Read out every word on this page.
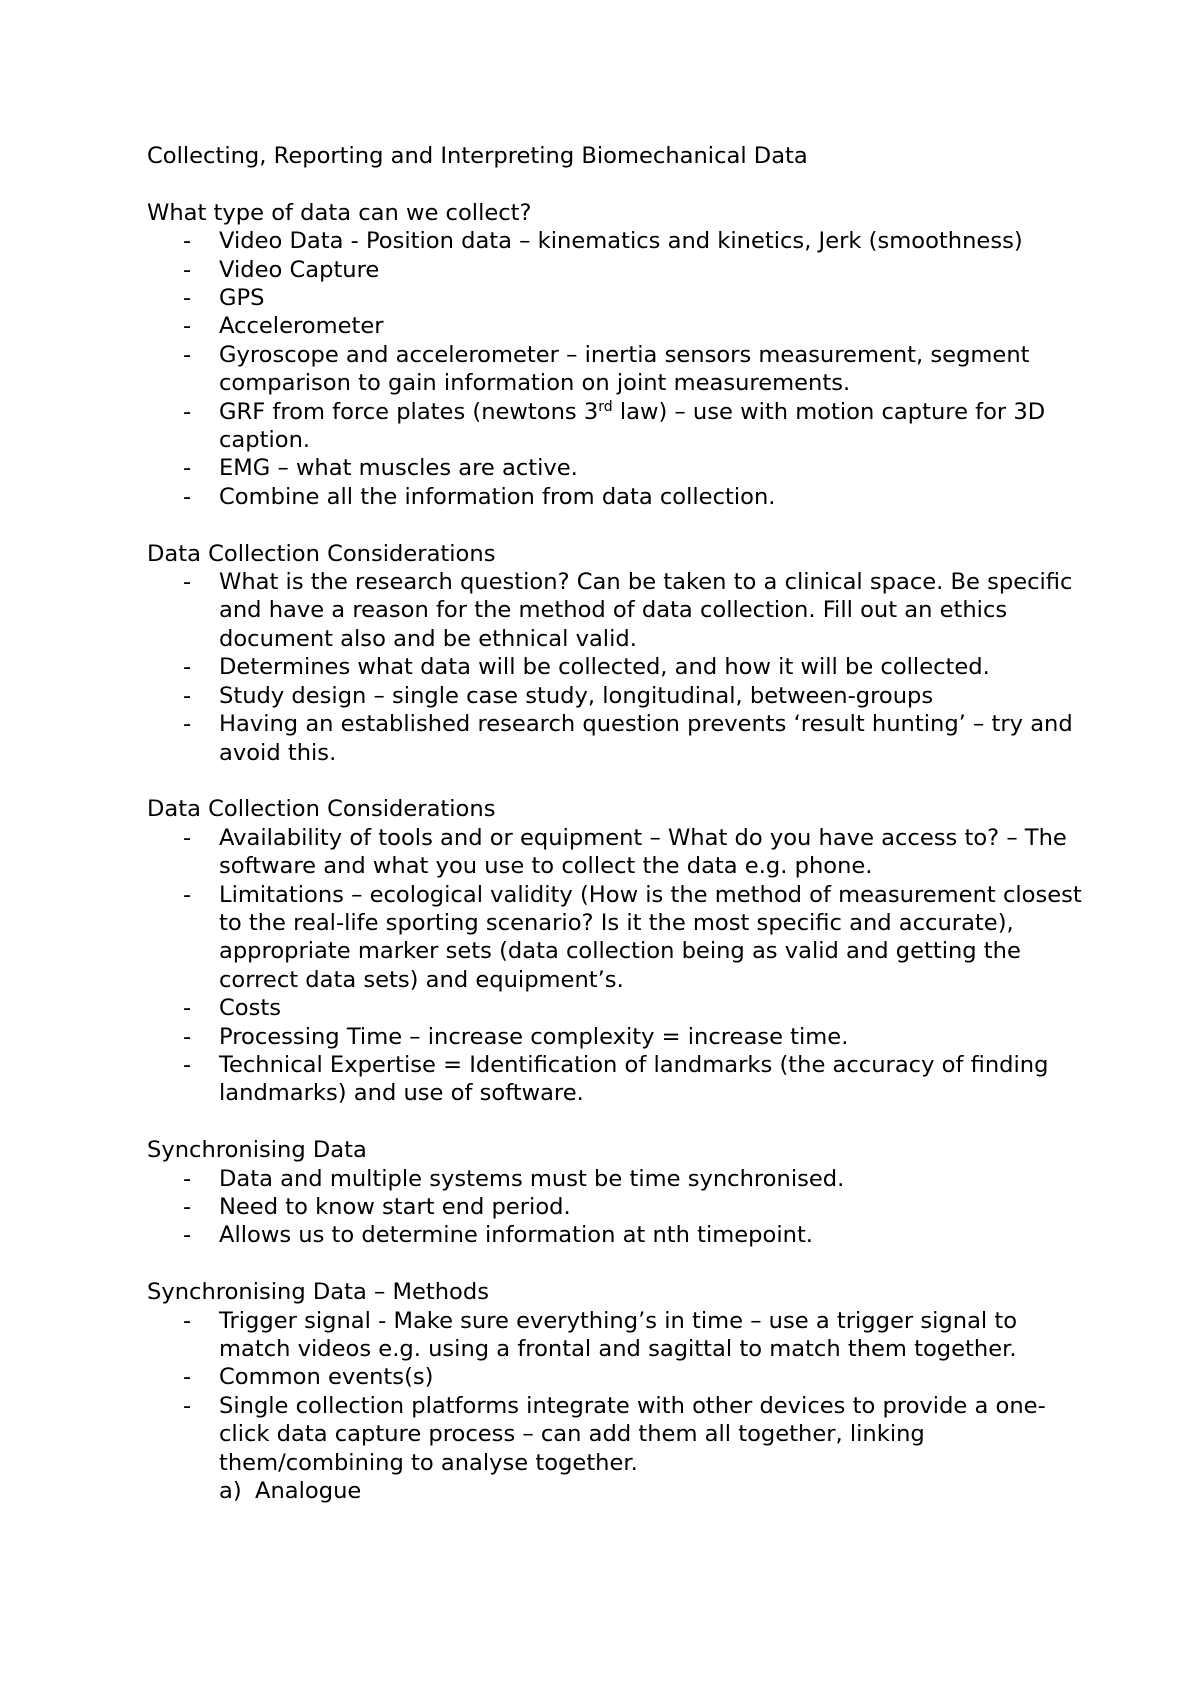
Collecting, Reporting and Interpreting Biomechanical Data

What type of data can we collect?

- Video Data - Position data – kinematics and kinetics, Jerk (smoothness)
- Video Capture
- GPS
- Accelerometer
- Gyroscope and accelerometer – inertia sensors measurement, segment comparison to gain information on joint measurements.
- GRF from force plates (newtons 3rd law) – use with motion capture for 3D caption.
- EMG – what muscles are active.
- Combine all the information from data collection.

Data Collection Considerations

- What is the research question? Can be taken to a clinical space. Be specific and have a reason for the method of data collection. Fill out an ethics document also and be ethnical valid.
- Determines what data will be collected, and how it will be collected.
- Study design – single case study, longitudinal, between-groups
- Having an established research question prevents ‘result hunting’ – try and avoid this.

Data Collection Considerations

- Availability of tools and or equipment – What do you have access to? – The software and what you use to collect the data e.g. phone.
- Limitations – ecological validity (How is the method of measurement closest to the real-life sporting scenario? Is it the most specific and accurate), appropriate marker sets (data collection being as valid and getting the correct data sets) and equipment’s.
- Costs
- Processing Time – increase complexity = increase time.
- Technical Expertise = Identification of landmarks (the accuracy of finding landmarks) and use of software.

Synchronising Data

- Data and multiple systems must be time synchronised.
- Need to know start end period.
- Allows us to determine information at nth timepoint.

Synchronising Data – Methods

- Trigger signal - Make sure everything’s in time – use a trigger signal to match videos e.g. using a frontal and sagittal to match them together.
- Common events(s)
- Single collection platforms integrate with other devices to provide a one-click data capture process – can add them all together, linking them/combining to analyse together.
a) Analogue
